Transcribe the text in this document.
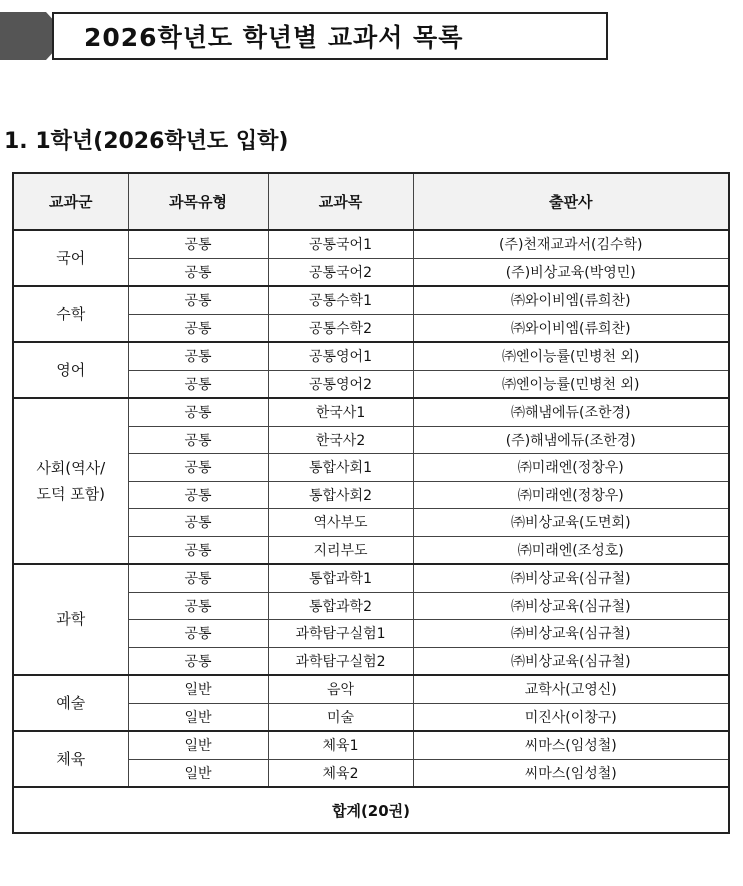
2026학년도 학년별 교과서 목록
1. 1학년(2026학년도 입학)
교과군	과목유형	교과목	출판사
국어	공통	공통국어1	(주)천재교과서(김수학)
	공통	공통국어2	(주)비상교육(박영민)
수학	공통	공통수학1	㈜와이비엠(류희찬)
	공통	공통수학2	㈜와이비엠(류희찬)
영어	공통	공통영어1	㈜엔이능률(민병천 외)
	공통	공통영어2	㈜엔이능률(민병천 외)
사회(역사/
도덕 포함)	공통	한국사1	㈜해냄에듀(조한경)
	공통	한국사2	(주)해냄에듀(조한경)
	공통	통합사회1	㈜미래엔(정창우)
	공통	통합사회2	㈜미래엔(정창우)
	공통	역사부도	㈜비상교육(도면회)
	공통	지리부도	㈜미래엔(조성호)
과학	공통	통합과학1	㈜비상교육(심규철)
	공통	통합과학2	㈜비상교육(심규철)
	공통	과학탐구실험1	㈜비상교육(심규철)
	공통	과학탐구실험2	㈜비상교육(심규철)
예술	일반	음악	교학사(고영신)
	일반	미술	미진사(이창구)
체육	일반	체육1	씨마스(임성철)
	일반	체육2	씨마스(임성철)
합계(20권)			
